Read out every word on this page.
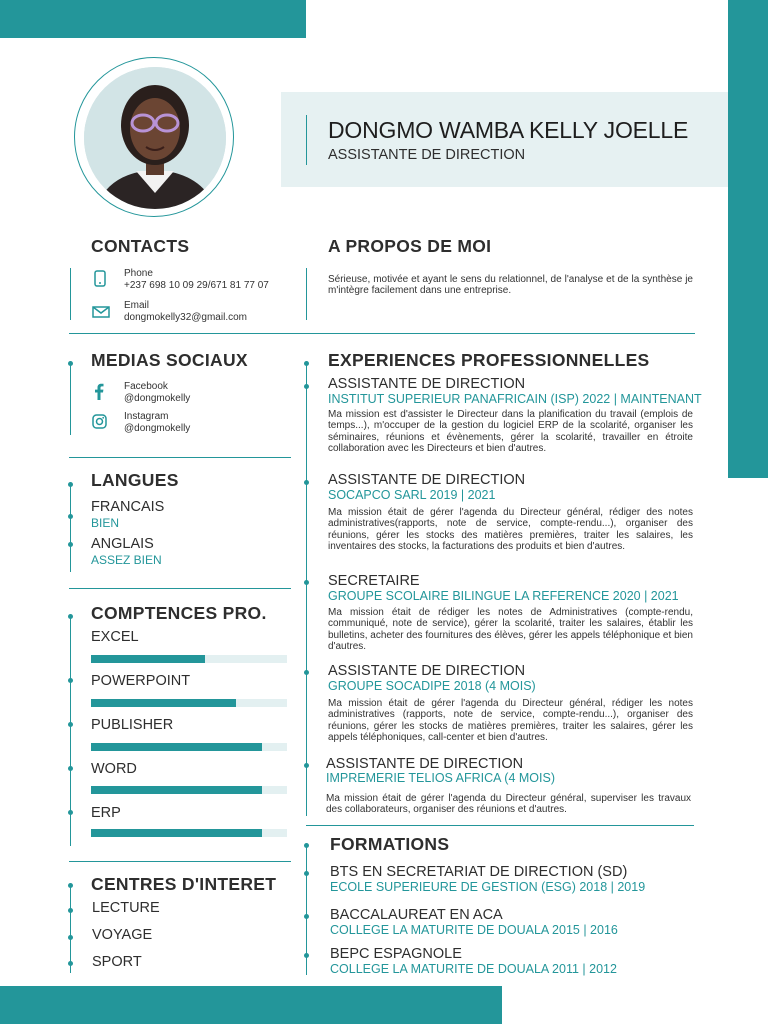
DONGMO WAMBA KELLY JOELLE
ASSISTANTE DE DIRECTION
CONTACTS
Phone
+237 698 10 09 29/671 81 77 07
Email
dongmokelly32@gmail.com
A PROPOS DE MOI
Sérieuse, motivée et ayant le sens du relationnel, de l'analyse et de la synthèse je m'intègre facilement dans une entreprise.
MEDIAS SOCIAUX
Facebook
@dongmokelly
Instagram
@dongmokelly
LANGUES
FRANCAIS
BIEN
ANGLAIS
ASSEZ BIEN
COMPTENCES PRO.
EXCEL
POWERPOINT
PUBLISHER
WORD
ERP
CENTRES D'INTERET
LECTURE
VOYAGE
SPORT
EXPERIENCES PROFESSIONNELLES
ASSISTANTE DE DIRECTION
INSTITUT SUPERIEUR PANAFRICAIN (ISP) 2022 | MAINTENANT
Ma mission est d'assister le Directeur dans la planification du travail (emplois de temps...), m'occuper de la gestion du logiciel ERP de la scolarité, organiser les séminaires, réunions et évènements, gérer la scolarité, travailler en étroite collaboration avec les Directeurs et bien d'autres.
ASSISTANTE DE DIRECTION
SOCAPCO SARL 2019 | 2021
Ma mission était de gérer l'agenda du Directeur général, rédiger des notes administratives(rapports, note de service, compte-rendu...), organiser des réunions, gérer les stocks des matières premières, traiter les salaires, les inventaires des stocks, la facturations des produits et bien d'autres.
SECRETAIRE
GROUPE SCOLAIRE BILINGUE LA REFERENCE 2020 | 2021
Ma mission était de rédiger les notes de Administratives (compte-rendu, communiqué, note de service), gérer la scolarité, traiter les salaires, établir les bulletins, acheter des fournitures des élèves, gérer les appels téléphonique et bien d'autres.
ASSISTANTE DE DIRECTION
GROUPE SOCADIPE 2018 (4 MOIS)
Ma mission était de gérer l'agenda du Directeur général, rédiger les notes administratives (rapports, note de service, compte-rendu...), organiser des réunions, gérer les stocks de matières premières, traiter les salaires, gérer les appels téléphoniques, call-center et bien d'autres.
ASSISTANTE DE DIRECTION
IMPREMERIE TELIOS AFRICA (4 MOIS)
Ma mission était de gérer l'agenda du Directeur général, superviser les travaux des collaborateurs, organiser des réunions et d'autres.
FORMATIONS
BTS EN SECRETARIAT DE DIRECTION (SD)
ECOLE SUPERIEURE DE GESTION (ESG) 2018 | 2019
BACCALAUREAT EN ACA
COLLEGE LA MATURITE DE DOUALA 2015 | 2016
BEPC ESPAGNOLE
COLLEGE LA MATURITE DE DOUALA 2011 | 2012
